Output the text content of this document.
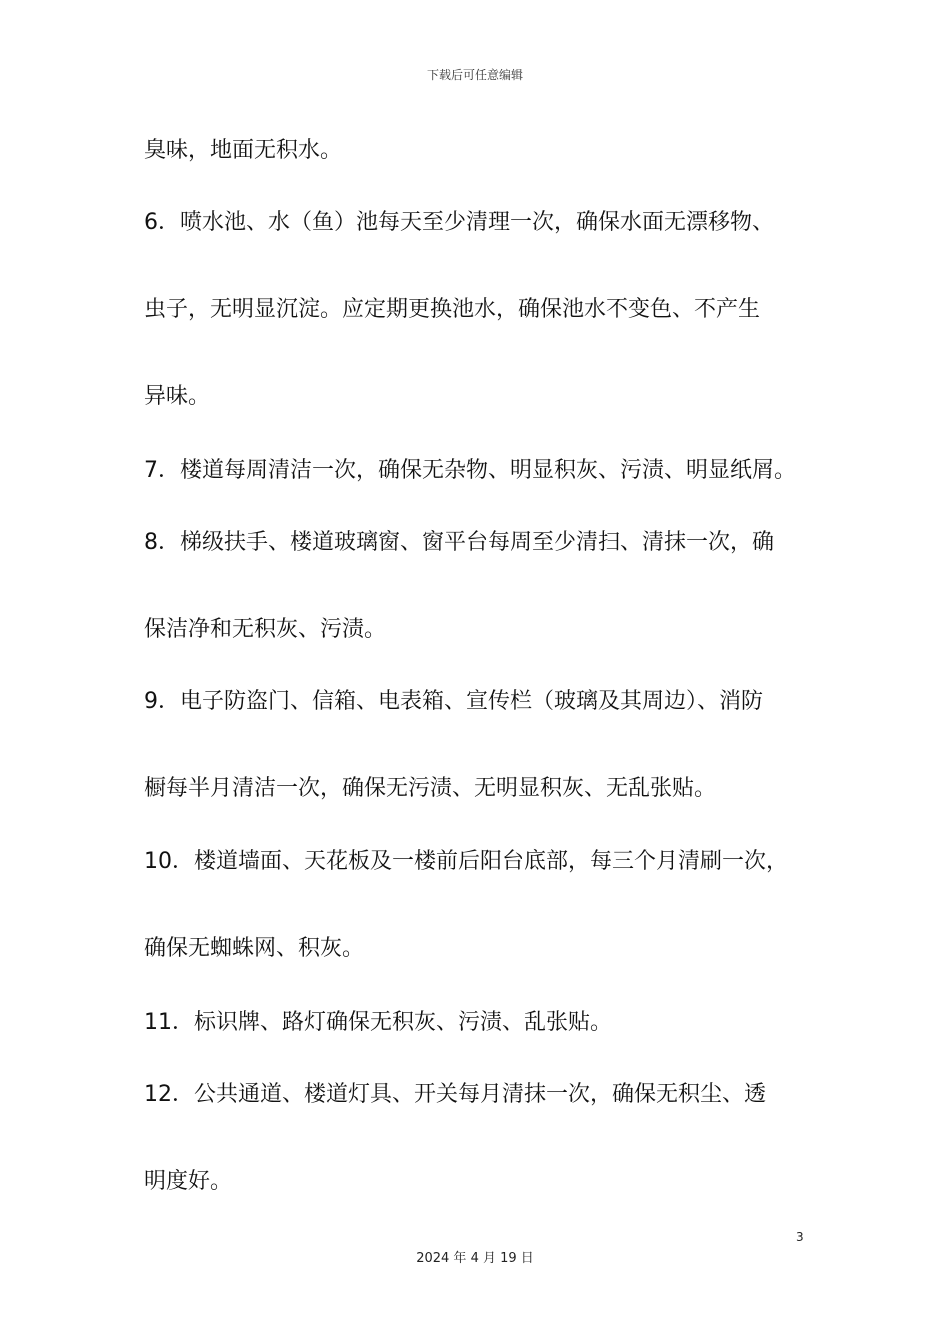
下载后可任意编辑
臭味，地面无积水。
6．喷水池、水（鱼）池每天至少清理一次，确保水面无漂移物、
虫子，无明显沉淀。应定期更换池水，确保池水不变色、不产生
异味。
7．楼道每周清洁一次，确保无杂物、明显积灰、污渍、明显纸屑。
8．梯级扶手、楼道玻璃窗、窗平台每周至少清扫、清抹一次，确
保洁净和无积灰、污渍。
9．电子防盗门、信箱、电表箱、宣传栏（玻璃及其周边）、消防
橱每半月清洁一次，确保无污渍、无明显积灰、无乱张贴。
10．楼道墙面、天花板及一楼前后阳台底部，每三个月清刷一次，
确保无蜘蛛网、积灰。
11．标识牌、路灯确保无积灰、污渍、乱张贴。
12．公共通道、楼道灯具、开关每月清抹一次，确保无积尘、透
明度好。
3
2024 年 4 月 19 日
